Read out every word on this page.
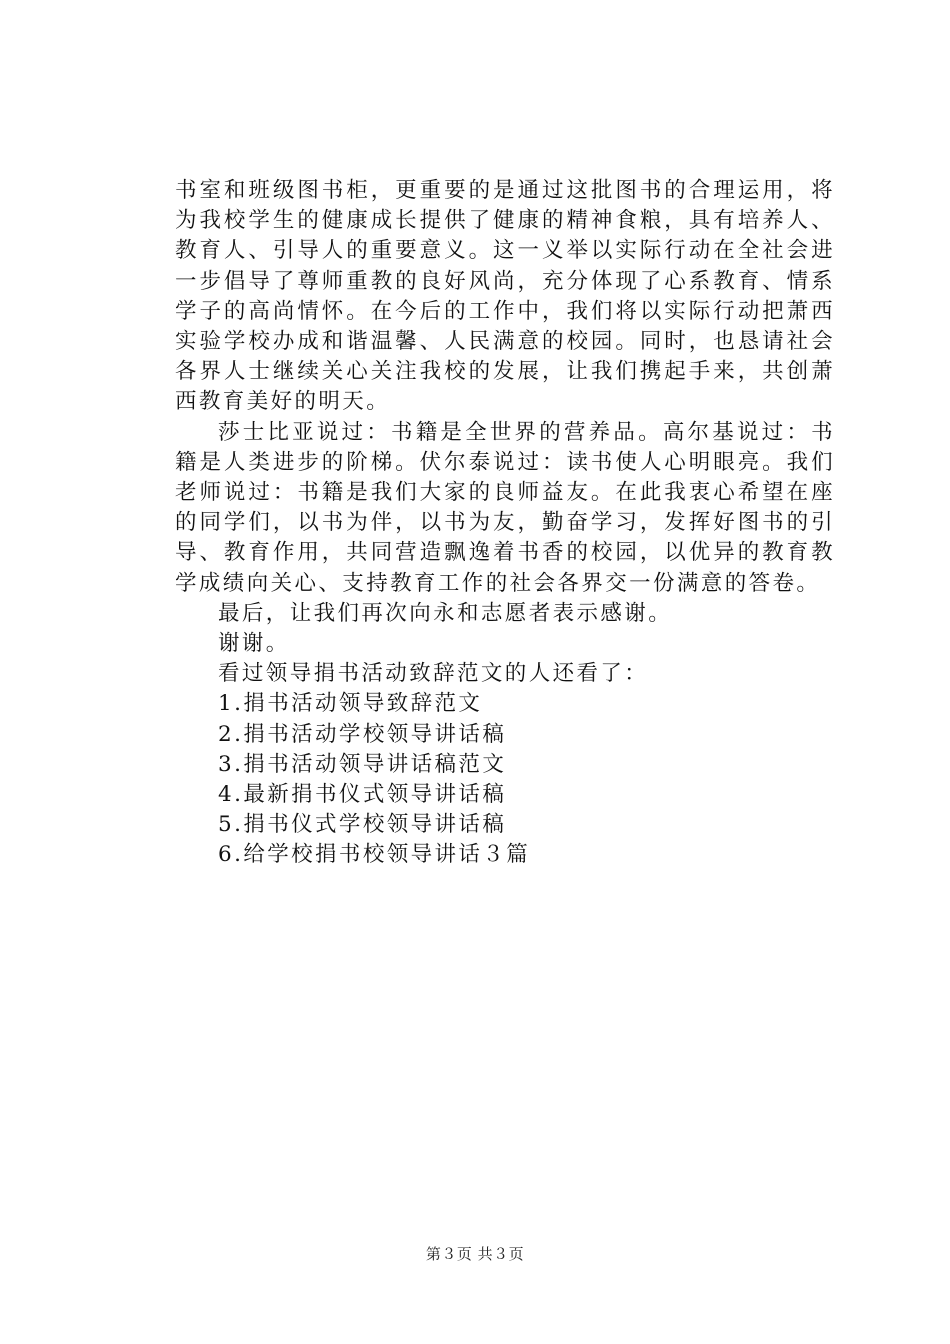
书室和班级图书柜，更重要的是通过这批图书的合理运用，将为我校学生的健康成长提供了健康的精神食粮，具有培养人、教育人、引导人的重要意义。这一义举以实际行动在全社会进一步倡导了尊师重教的良好风尚，充分体现了心系教育、情系学子的高尚情怀。在今后的工作中，我们将以实际行动把萧西实验学校办成和谐温馨、人民满意的校园。同时，也恳请社会各界人士继续关心关注我校的发展，让我们携起手来，共创萧西教育美好的明天。

莎士比亚说过：书籍是全世界的营养品。高尔基说过：书籍是人类进步的阶梯。伏尔泰说过：读书使人心明眼亮。我们老师说过：书籍是我们大家的良师益友。在此我衷心希望在座的同学们，以书为伴，以书为友，勤奋学习，发挥好图书的引导、教育作用，共同营造飘逸着书香的校园，以优异的教育教学成绩向关心、支持教育工作的社会各界交一份满意的答卷。

最后，让我们再次向永和志愿者表示感谢。

谢谢。

看过领导捐书活动致辞范文的人还看了：

1.捐书活动领导致辞范文

2.捐书活动学校领导讲话稿

3.捐书活动领导讲话稿范文

4.最新捐书仪式领导讲话稿

5.捐书仪式学校领导讲话稿

6.给学校捐书校领导讲话３篇

第３页 共３页
